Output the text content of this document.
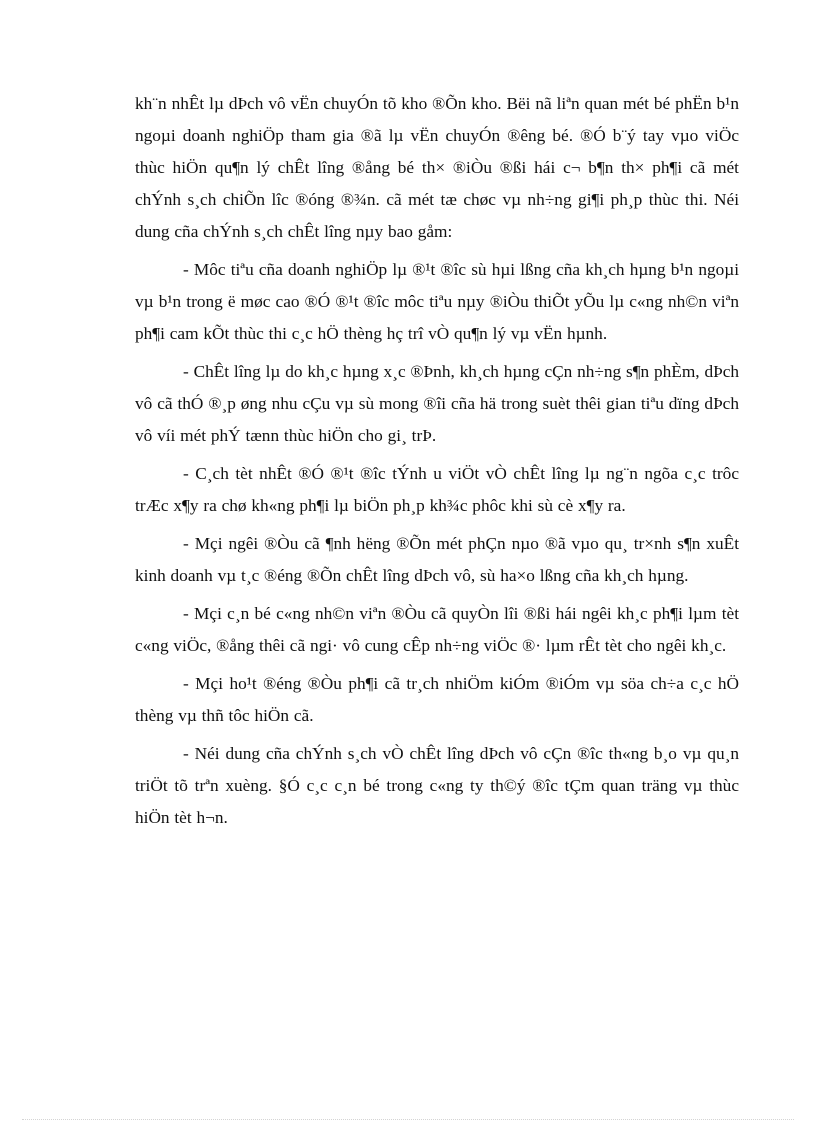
kh¨n nhÊt lµ dÞch vô vËn chuyÓn tõ kho ®Õn kho. Bëi nã liªn quan mét bé phËn b¹n ngoµi doanh nghiÖp tham gia ®ã lµ vËn chuyÓn ®êng bé. ®Ó b¨ý tay vµo viÖc thùc hiÖn qu¶n lý chÊt lîng ®ång bé th× ®iÒu ®ßi hái c¬ b¶n th× ph¶i cã mét chÝnh s¸ch chiÕn lîc ®óng ®¾n. cã mét tæ chøc vµ nh÷ng gi¶i ph¸p thùc thi. Néi dung cña chÝnh s¸ch chÊt lîng nµy bao gåm:

- Môc tiªu cña doanh nghiÖp lµ ®¹t ®îc sù hµi lßng cña kh¸ch hµng b¹n ngoµi vµ b¹n trong ë møc cao ®Ó ®¹t ®îc môc tiªu nµy ®iÒu thiÕt yÕu lµ c«ng nh©n viªn ph¶i cam kÕt thùc thi c¸c hÖ thèng hç trî vÒ qu¶n lý vµ vËn hµnh.

- ChÊt lîng lµ do kh¸c hµng x¸c ®Þnh, kh¸ch hµng cÇn nh÷ng s¶n phÈm, dÞch vô cã thÓ ®¸p øng nhu cÇu vµ sù mong ®îi cña hä trong suèt thêi gian tiªu dïng dÞch vô víi mét phÝ tænn thùc hiÖn cho gi¸ trÞ.

- C¸ch tèt nhÊt ®Ó ®¹t ®îc tÝnh u viÖt vÒ chÊt lîng lµ ng¨n ngõa c¸c trôc trÆc x¶y ra chø kh«ng ph¶i lµ biÖn ph¸p kh¾c phôc khi sù cè x¶y ra.

- Mçi ngêi ®Òu cã ¶nh hëng ®Õn mét phÇn nµo ®ã vµo qu¸ tr×nh s¶n xuÊt kinh doanh vµ t¸c ®éng ®Õn chÊt lîng dÞch vô, sù ha×o lßng cña kh¸ch hµng.

- Mçi c¸n bé c«ng nh©n viªn ®Òu cã quyÒn lîi ®ßi hái ngêi kh¸c ph¶i lµm tèt c«ng viÖc, ®ång thêi cã ngi· vô cung cÊp nh÷ng viÖc ®· lµm rÊt tèt cho ngêi kh¸c.

- Mçi ho¹t ®éng ®Òu ph¶i cã tr¸ch nhiÖm kiÓm ®iÓm vµ söa ch÷a c¸c hÖ thèng vµ thñ tôc hiÖn cã.

- Néi dung cña chÝnh s¸ch vÒ chÊt lîng dÞch vô cÇn ®îc th«ng b¸o vµ qu¸n triÖt tõ trªn xuèng. §Ó c¸c c¸n bé trong c«ng ty th©ý ®îc tÇm quan träng vµ thùc hiÖn tèt h¬n.
